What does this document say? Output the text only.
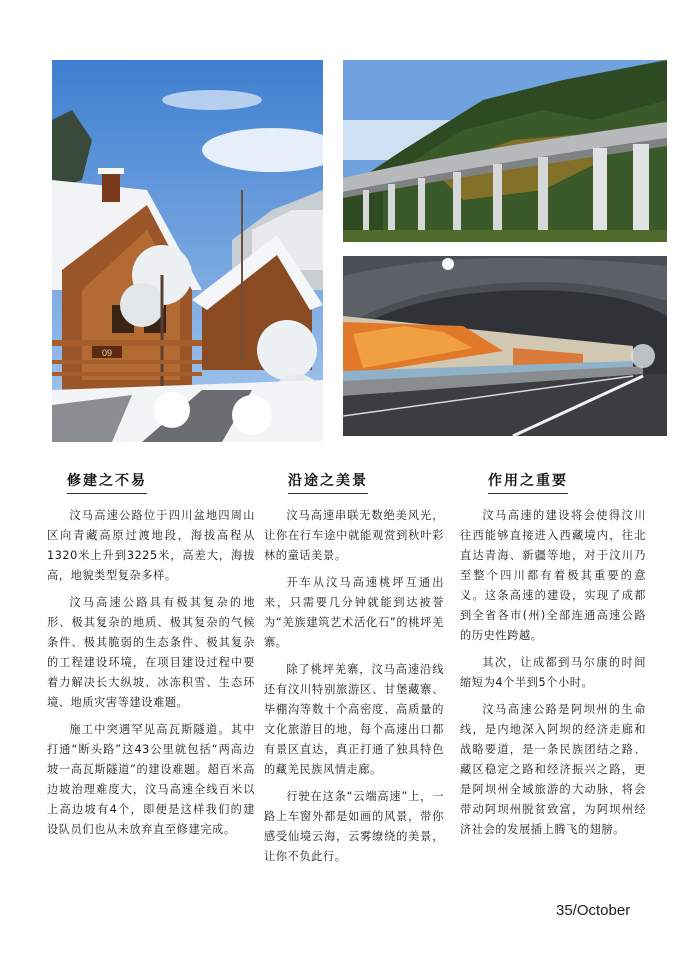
09
修建之不易

汶马高速公路位于四川盆地四周山区向青藏高原过渡地段，海拔高程从1320米上升到3225米，高差大，海拔高，地貌类型复杂多样。

汶马高速公路具有极其复杂的地形、极其复杂的地质、极其复杂的气候条件、极其脆弱的生态条件、极其复杂的工程建设环境，在项目建设过程中要着力解决长大纵坡、冰冻积雪、生态环境、地质灾害等建设难题。

施工中突遇罕见高瓦斯隧道。其中打通“断头路”这43公里就包括“两高边坡一高瓦斯隧道”的建设难题。超百米高边坡治理难度大，汶马高速全线百米以上高边坡有4个，即便是这样我们的建设队员们也从未放弃直至修建完成。

沿途之美景

汶马高速串联无数绝美风光，让你在行车途中就能观赏到秋叶彩林的童话美景。

开车从汶马高速桃坪互通出来，只需要几分钟就能到达被誉为“羌族建筑艺术活化石”的桃坪羌寨。

除了桃坪羌寨，汶马高速沿线还有汶川特别旅游区、甘堡藏寨、毕棚沟等数十个高密度、高质量的文化旅游目的地，每个高速出口都有景区直达，真正打通了独具特色的藏羌民族风情走廊。

行驶在这条“云端高速”上，一路上车窗外都是如画的风景，带你感受仙境云海，云雾缭绕的美景，让你不负此行。

作用之重要

汶马高速的建设将会使得汶川往西能够直接进入西藏境内，往北直达青海、新疆等地，对于汶川乃至整个四川都有着极其重要的意义。这条高速的建设，实现了成都到全省各市(州)全部连通高速公路的历史性跨越。

其次，让成都到马尔康的时间缩短为4个半到5个小时。

汶马高速公路是阿坝州的生命线，是内地深入阿坝的经济走廊和战略要道，是一条民族团结之路、藏区稳定之路和经济振兴之路，更是阿坝州全域旅游的大动脉，将会带动阿坝州脱贫致富，为阿坝州经济社会的发展插上腾飞的翅膀。

35/October
